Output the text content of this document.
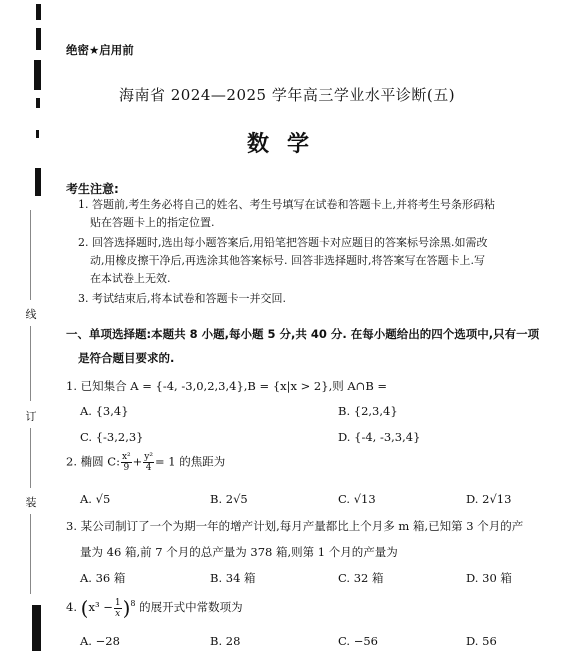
线
订
装
绝密★启用前
海南省 2024—2025 学年高三学业水平诊断(五)
数学
考生注意:
1. 答题前,考生务必将自己的姓名、考生号填写在试卷和答题卡上,并将考生号条形码粘
贴在答题卡上的指定位置.
2. 回答选择题时,选出每小题答案后,用铅笔把答题卡对应题目的答案标号涂黑.如需改
动,用橡皮擦干净后,再选涂其他答案标号. 回答非选择题时,将答案写在答题卡上.写
在本试卷上无效.
3. 考试结束后,将本试卷和答题卡一并交回.
一、单项选择题:本题共 8 小题,每小题 5 分,共 40 分. 在每小题给出的四个选项中,只有一项
是符合题目要求的.
1. 已知集合 A = {-4, -3,0,2,3,4},B = {x|x > 2},则 A∩B =
A. {3,4}	B. {2,3,4}
C. {-3,2,3}	D. {-4, -3,3,4}
2. 椭圆 C: $\frac{\text{x²}}{9} + \frac{\text{y²}}{4} = 1$ 的焦距为
A. √5	B. 2√5	C. √13	D. 2√13
3. 某公司制订了一个为期一年的增产计划,每月产量都比上个月多 m 箱,已知第 3 个月的产
量为 46 箱,前 7 个月的总产量为 378 箱,则第 1 个月的产量为
A. 36 箱	B. 34 箱	C. 32 箱	D. 30 箱
4. $(x^3 - \frac{1}{x} )^8$ 的展开式中常数项为
A. −28	B. 28	C. −56	D. 56
